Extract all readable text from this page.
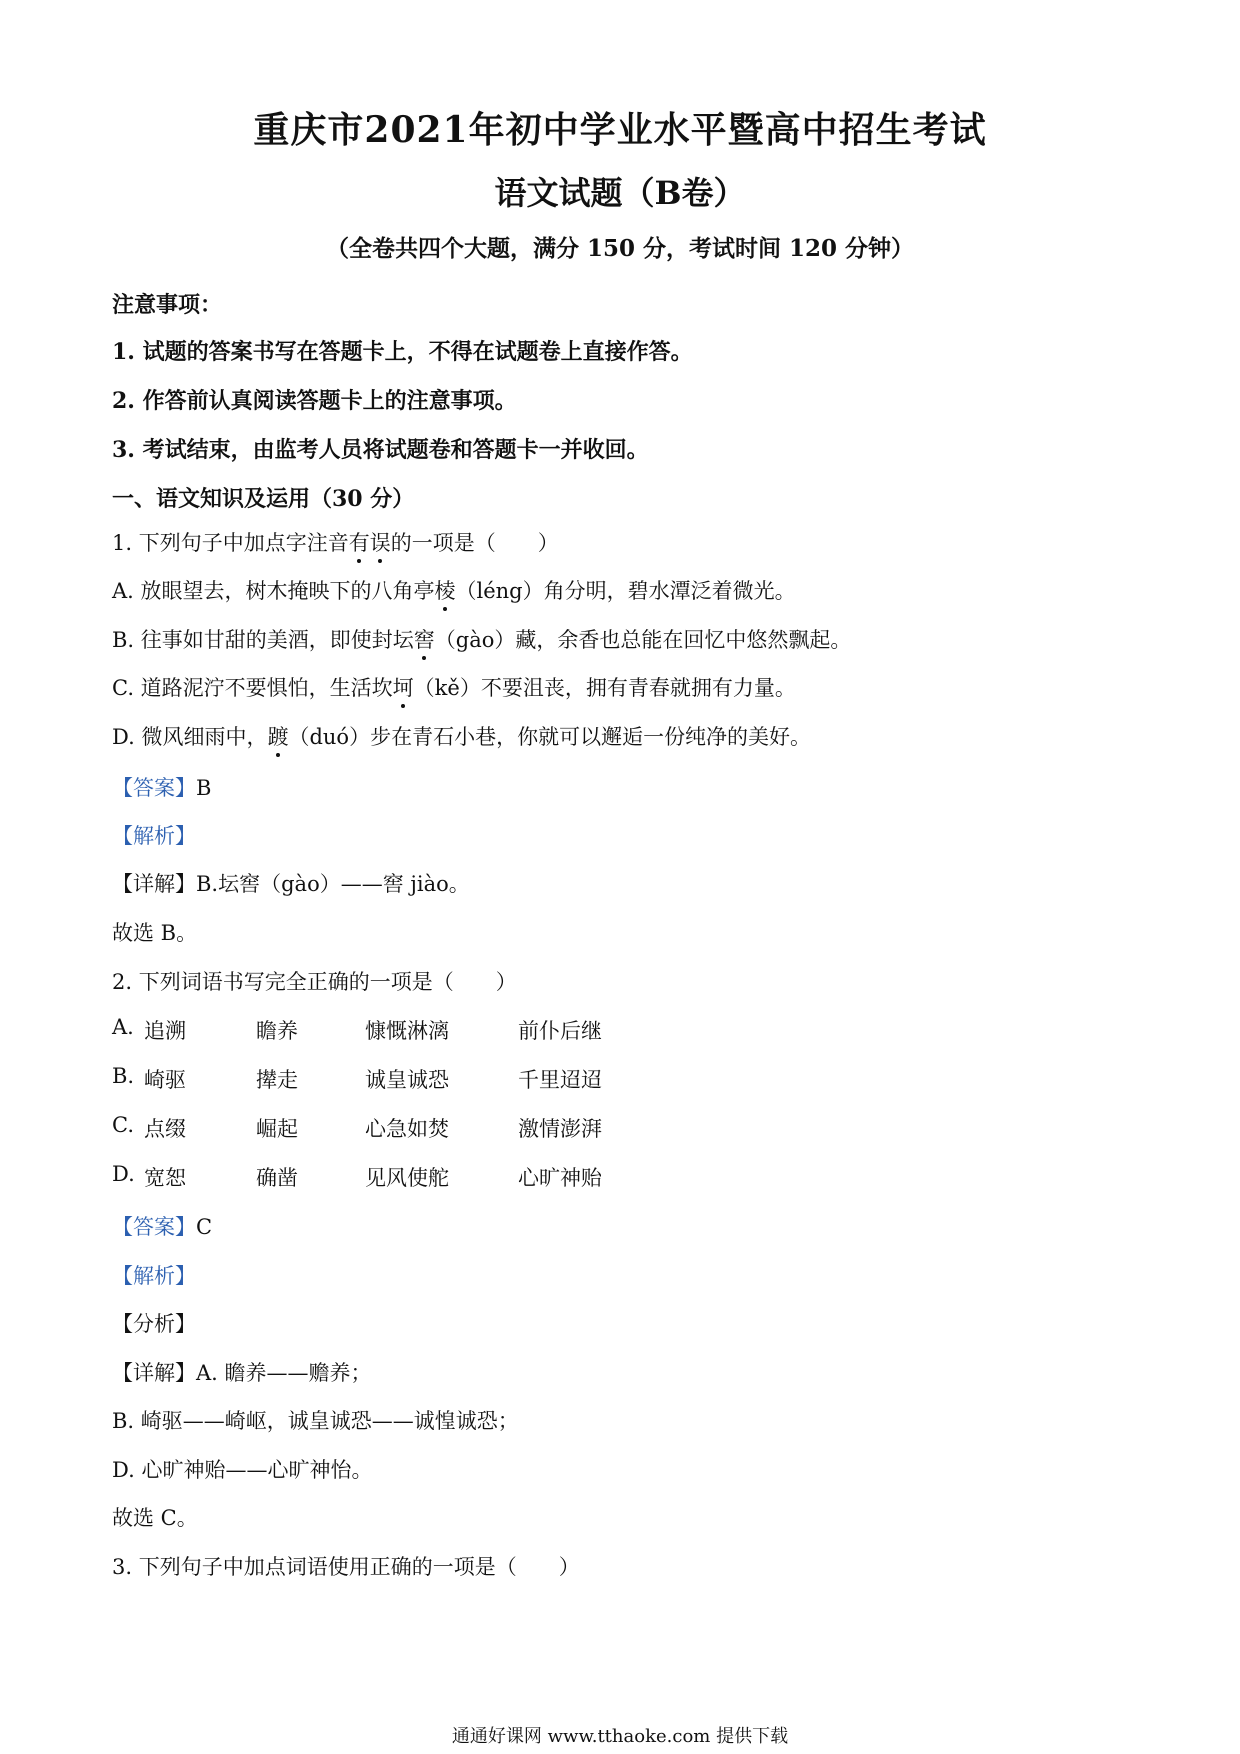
重庆市2021年初中学业水平暨高中招生考试
语文试题（B卷）
（全卷共四个大题，满分 150 分，考试时间 120 分钟）
注意事项：
1. 试题的答案书写在答题卡上，不得在试题卷上直接作答。
2. 作答前认真阅读答题卡上的注意事项。
3. 考试结束，由监考人员将试题卷和答题卡一并收回。
一、语文知识及运用（30 分）
1. 下列句子中加点字注音有误的一项是（　　）
A. 放眼望去，树木掩映下的八角亭棱（léng）角分明，碧水潭泛着微光。
B. 往事如甘甜的美酒，即使封坛窖（gào）藏，余香也总能在回忆中悠然飘起。
C. 道路泥泞不要惧怕，生活坎坷（kě）不要沮丧，拥有青春就拥有力量。
D. 微风细雨中，踱（duó）步在青石小巷，你就可以邂逅一份纯净的美好。
【答案】B
【解析】
【详解】B.坛窖（gào）——窖 jiào。
故选 B。
2. 下列词语书写完全正确的一项是（　　）
A. 追溯	瞻养	慷慨淋漓	前仆后继
B. 崎驱	撵走	诚皇诚恐	千里迢迢
C. 点缀	崛起	心急如焚	激情澎湃
D. 宽恕	确凿	见风使舵	心旷神贻
【答案】C
【解析】
【分析】
【详解】A. 瞻养——赡养；
B. 崎驱——崎岖，诚皇诚恐——诚惶诚恐；
D. 心旷神贻——心旷神怡。
故选 C。
3. 下列句子中加点词语使用正确的一项是（　　）
通通好课网 www.tthaoke.com 提供下载
